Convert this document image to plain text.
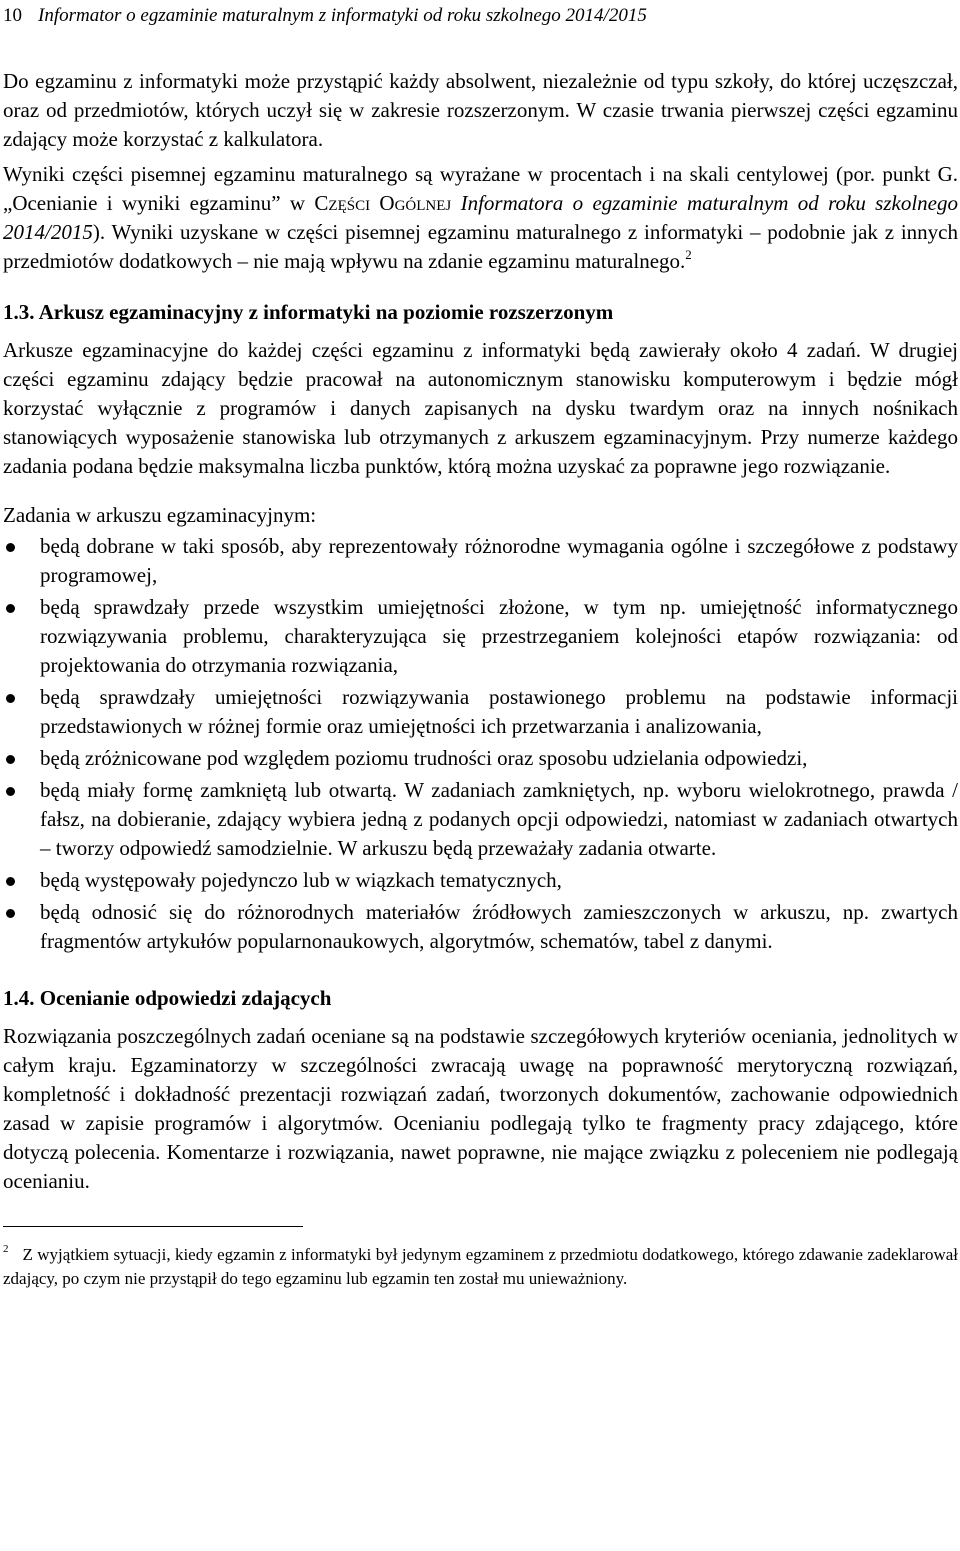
10 Informator o egzaminie maturalnym z informatyki od roku szkolnego 2014/2015

Do egzaminu z informatyki może przystąpić każdy absolwent, niezależnie od typu szkoły, do której uczęszczał, oraz od przedmiotów, których uczył się w zakresie rozszerzonym. W czasie trwania pierwszej części egzaminu zdający może korzystać z kalkulatora.

Wyniki części pisemnej egzaminu maturalnego są wyrażane w procentach i na skali centylowej (por. punkt G. „Ocenianie i wyniki egzaminu” w Części Ogólnej Informatora o egzaminie maturalnym od roku szkolnego 2014/2015). Wyniki uzyskane w części pisemnej egzaminu maturalnego z informatyki – podobnie jak z innych przedmiotów dodatkowych – nie mają wpływu na zdanie egzaminu maturalnego.$^2$

1.3. Arkusz egzaminacyjny z informatyki na poziomie rozszerzonym

Arkusze egzaminacyjne do każdej części egzaminu z informatyki będą zawierały około 4 zadań. W drugiej części egzaminu zdający będzie pracował na autonomicznym stanowisku komputerowym i będzie mógł korzystać wyłącznie z programów i danych zapisanych na dysku twardym oraz na innych nośnikach stanowiących wyposażenie stanowiska lub otrzymanych z arkuszem egzaminacyjnym. Przy numerze każdego zadania podana będzie maksymalna liczba punktów, którą można uzyskać za poprawne jego rozwiązanie.

Zadania w arkuszu egzaminacyjnym:

będą dobrane w taki sposób, aby reprezentowały różnorodne wymagania ogólne i szczegółowe z podstawy programowej,
będą sprawdzały przede wszystkim umiejętności złożone, w tym np. umiejętność informatycznego rozwiązywania problemu, charakteryzująca się przestrzeganiem kolejności etapów rozwiązania: od projektowania do otrzymania rozwiązania,
będą sprawdzały umiejętności rozwiązywania postawionego problemu na podstawie informacji przedstawionych w różnej formie oraz umiejętności ich przetwarzania i analizowania,
będą zróżnicowane pod względem poziomu trudności oraz sposobu udzielania odpowiedzi,
będą miały formę zamkniętą lub otwartą. W zadaniach zamkniętych, np. wyboru wielokrotnego, prawda / fałsz, na dobieranie, zdający wybiera jedną z podanych opcji odpowiedzi, natomiast w zadaniach otwartych – tworzy odpowiedź samodzielnie. W arkuszu będą przeważały zadania otwarte.
będą występowały pojedynczo lub w wiązkach tematycznych,
będą odnosić się do różnorodnych materiałów źródłowych zamieszczonych w arkuszu, np. zwartych fragmentów artykułów popularnonaukowych, algorytmów, schematów, tabel z danymi.
1.4. Ocenianie odpowiedzi zdających

Rozwiązania poszczególnych zadań oceniane są na podstawie szczegółowych kryteriów oceniania, jednolitych w całym kraju. Egzaminatorzy w szczególności zwracają uwagę na poprawność merytoryczną rozwiązań, kompletność i dokładność prezentacji rozwiązań zadań, tworzonych dokumentów, zachowanie odpowiednich zasad w zapisie programów i algorytmów. Ocenianiu podlegają tylko te fragmenty pracy zdającego, które dotyczą polecenia. Komentarze i rozwiązania, nawet poprawne, nie mające związku z poleceniem nie podlegają ocenianiu.

$^2$ Z wyjątkiem sytuacji, kiedy egzamin z informatyki był jedynym egzaminem z przedmiotu dodatkowego, którego zdawanie zadeklarował zdający, po czym nie przystąpił do tego egzaminu lub egzamin ten został mu unieważniony.
